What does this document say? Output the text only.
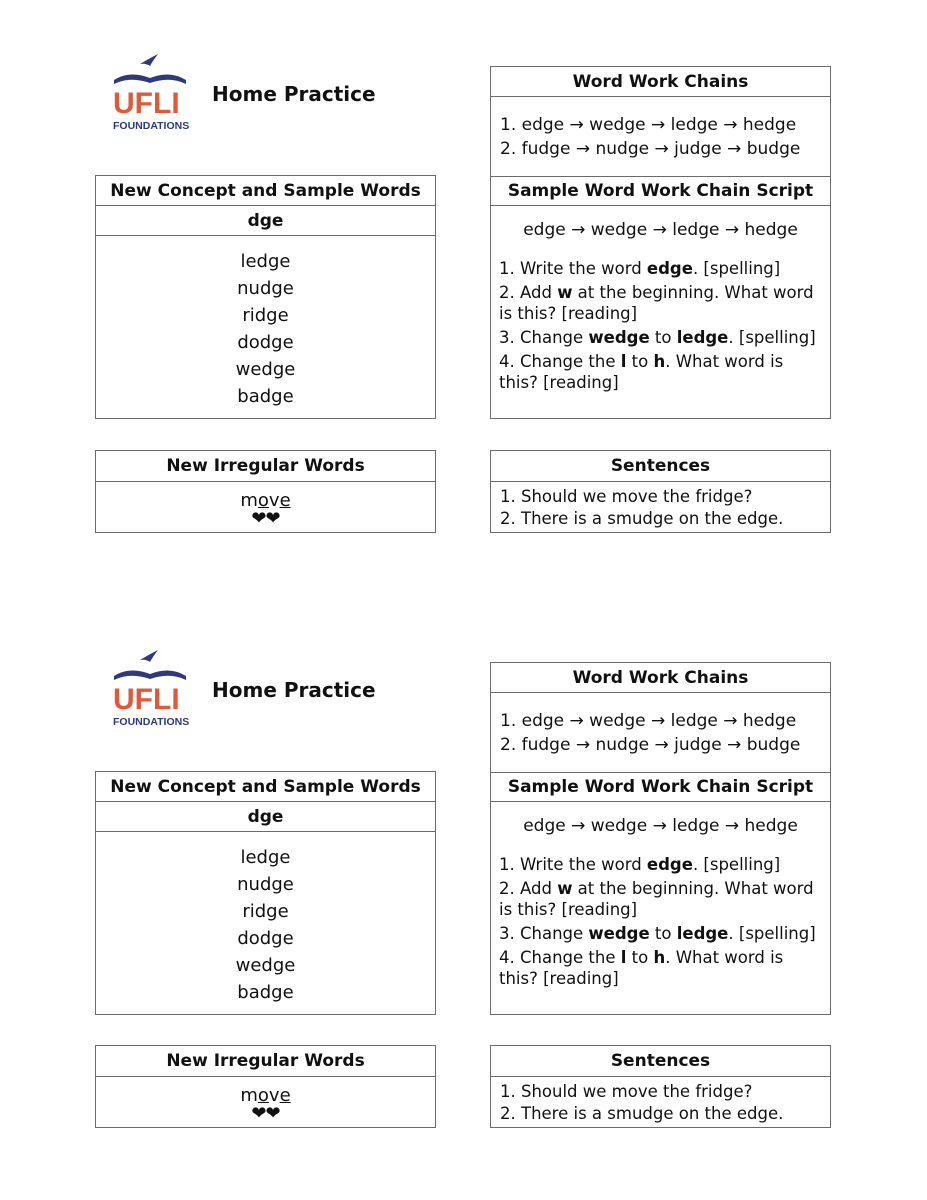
UFLI
FOUNDATIONS
Home Practice
New Concept and Sample Words
dge
ledge
nudge
ridge
dodge
wedge
badge
New Irregular Words
move
❤❤
Word Work Chains
1. edge → wedge → ledge → hedge
2. fudge → nudge → judge → budge
Sample Word Work Chain Script
edge → wedge → ledge → hedge

1. Write the word edge. [spelling]

2. Add w at the beginning. What word is this? [reading]

3. Change wedge to ledge. [spelling]

4. Change the l to h. What word is this? [reading]

Sentences
1. Should we move the fridge?
2. There is a smudge on the edge.
UFLI
FOUNDATIONS
Home Practice
New Concept and Sample Words
dge
ledge
nudge
ridge
dodge
wedge
badge
New Irregular Words
move
❤❤
Word Work Chains
1. edge → wedge → ledge → hedge
2. fudge → nudge → judge → budge
Sample Word Work Chain Script
edge → wedge → ledge → hedge

1. Write the word edge. [spelling]

2. Add w at the beginning. What word is this? [reading]

3. Change wedge to ledge. [spelling]

4. Change the l to h. What word is this? [reading]

Sentences
1. Should we move the fridge?
2. There is a smudge on the edge.
